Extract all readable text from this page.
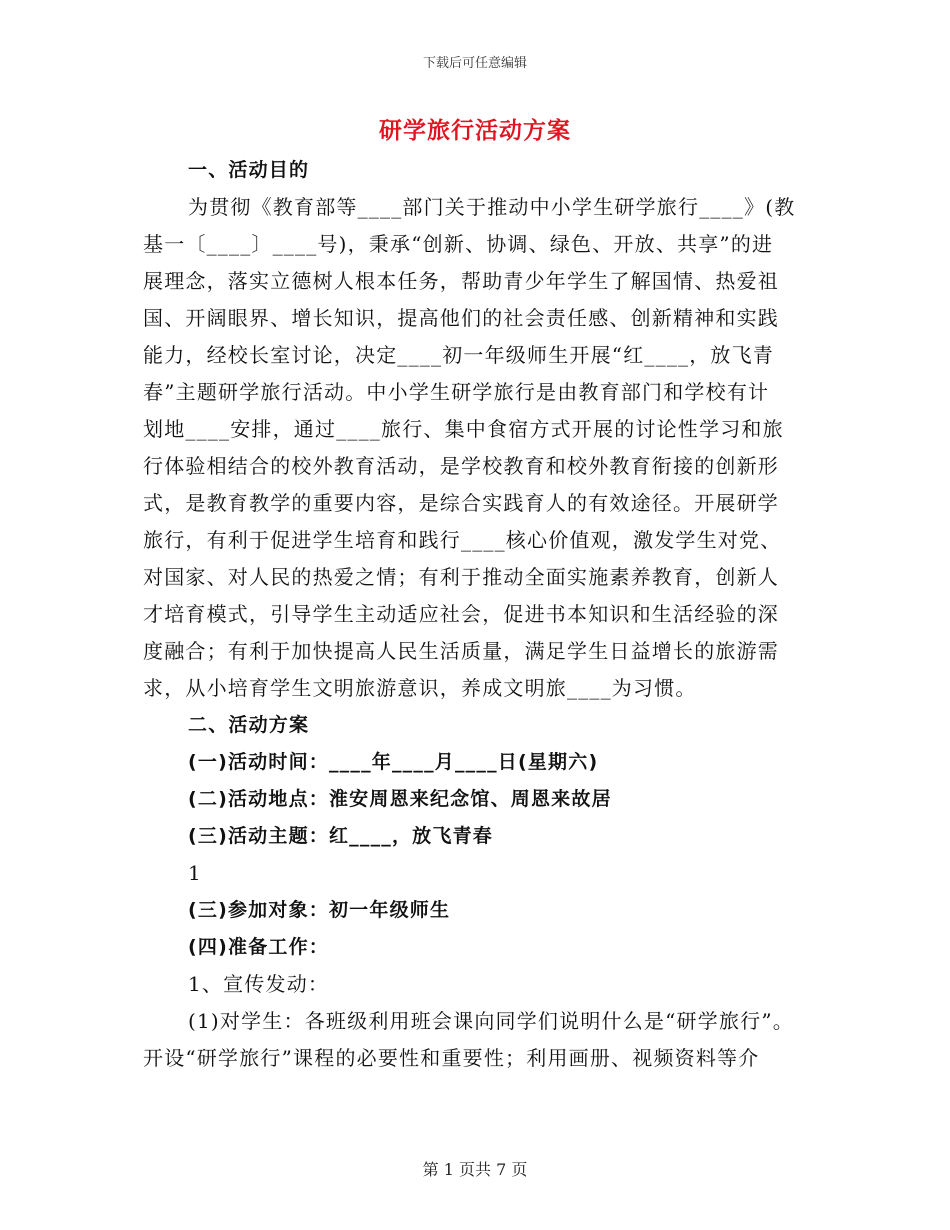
下载后可任意编辑
研学旅行活动方案
一、活动目的
为贯彻《教育部等____部门关于推动中小学生研学旅行____》(教
基一〔____〕____号)，秉承“创新、协调、绿色、开放、共享”的进
展理念，落实立德树人根本任务，帮助青少年学生了解国情、热爱祖
国、开阔眼界、增长知识，提高他们的社会责任感、创新精神和实践
能力，经校长室讨论，决定____初一年级师生开展“红____，放飞青
春”主题研学旅行活动。中小学生研学旅行是由教育部门和学校有计
划地____安排，通过____旅行、集中食宿方式开展的讨论性学习和旅
行体验相结合的校外教育活动，是学校教育和校外教育衔接的创新形
式，是教育教学的重要内容，是综合实践育人的有效途径。开展研学
旅行，有利于促进学生培育和践行____核心价值观，激发学生对党、
对国家、对人民的热爱之情；有利于推动全面实施素养教育，创新人
才培育模式，引导学生主动适应社会，促进书本知识和生活经验的深
度融合；有利于加快提高人民生活质量，满足学生日益增长的旅游需
求，从小培育学生文明旅游意识，养成文明旅____为习惯。
二、活动方案
(一)活动时间：____年____月____日(星期六)
(二)活动地点：淮安周恩来纪念馆、周恩来故居
(三)活动主题：红____，放飞青春
1
(三)参加对象：初一年级师生
(四)准备工作：
1、宣传发动：
(1)对学生：各班级利用班会课向同学们说明什么是“研学旅行”。
开设“研学旅行”课程的必要性和重要性；利用画册、视频资料等介
第 1 页共 7 页
